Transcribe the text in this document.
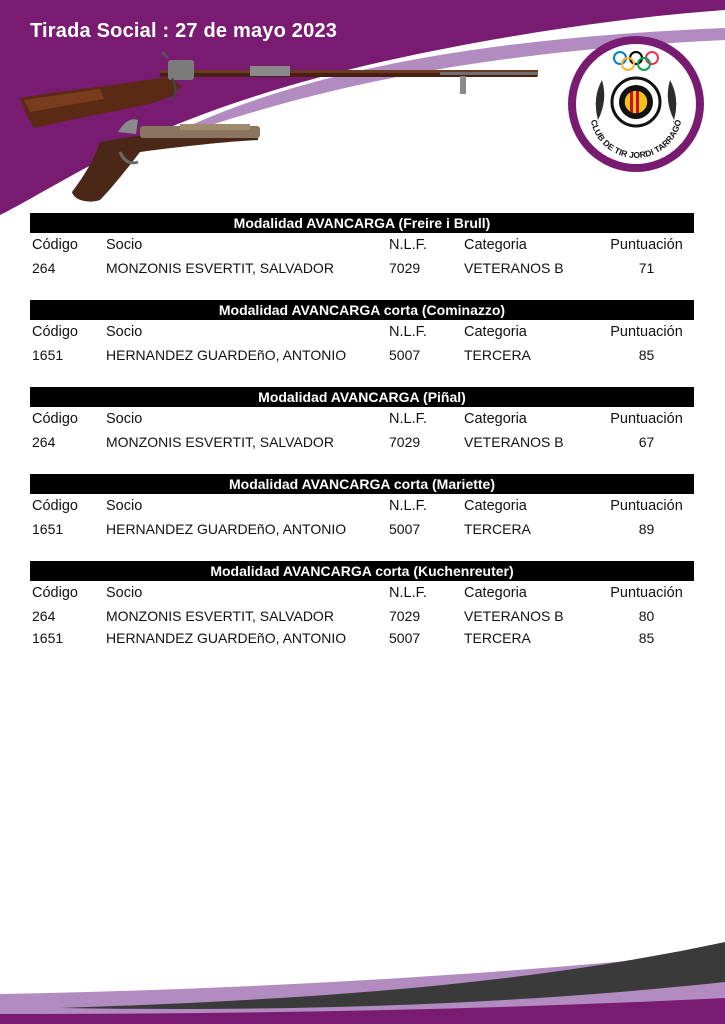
Tirada Social : 27 de mayo 2023
CLUB DE TIR JORDI TARRAGÓ
Modalidad AVANCARGA (Freire i Brull)
Código	Socio	N.L.F.	Categoria	Puntuación
264	MONZONIS ESVERTIT, SALVADOR	7029	VETERANOS B	71
Modalidad AVANCARGA corta (Cominazzo)
Código	Socio	N.L.F.	Categoria	Puntuación
1651	HERNANDEZ GUARDEñO, ANTONIO	5007	TERCERA	85
Modalidad AVANCARGA (Piñal)
Código	Socio	N.L.F.	Categoria	Puntuación
264	MONZONIS ESVERTIT, SALVADOR	7029	VETERANOS B	67
Modalidad AVANCARGA corta (Mariette)
Código	Socio	N.L.F.	Categoria	Puntuación
1651	HERNANDEZ GUARDEñO, ANTONIO	5007	TERCERA	89
Modalidad AVANCARGA corta (Kuchenreuter)
Código	Socio	N.L.F.	Categoria	Puntuación
264	MONZONIS ESVERTIT, SALVADOR	7029	VETERANOS B	80
1651	HERNANDEZ GUARDEñO, ANTONIO	5007	TERCERA	85
